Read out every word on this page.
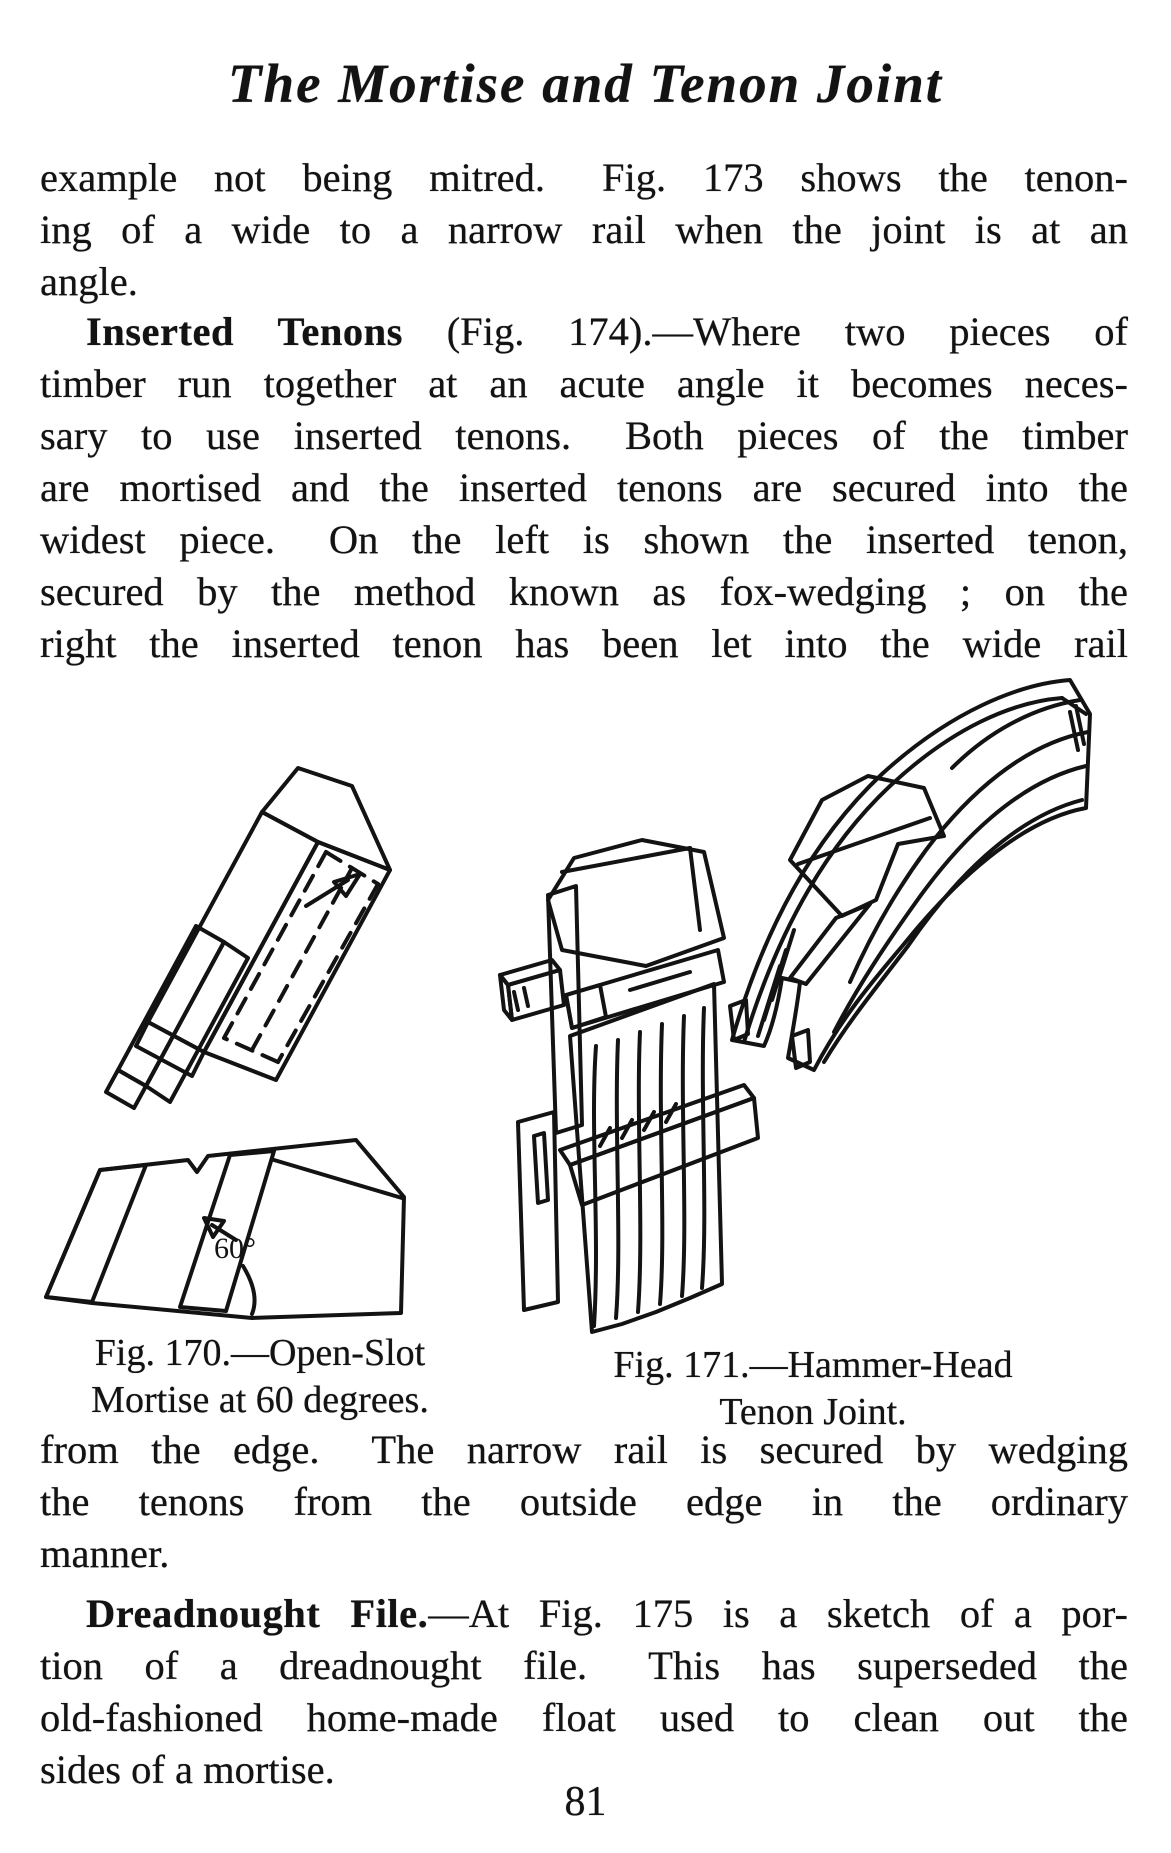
The Mortise and Tenon Joint
example not being mitred.  Fig. 173 shows the tenon-
ing of a wide to a narrow rail when the joint is at an
angle.
Inserted Tenons (Fig. 174).—Where two pieces of
timber run together at an acute angle it becomes neces-
sary to use inserted tenons.  Both pieces of the timber
are mortised and the inserted tenons are secured into the
widest piece.  On the left is shown the inserted tenon,
secured by the method known as fox-wedging ; on the
right the inserted tenon has been let into the wide rail
60°
Fig. 170.—Open-Slot
Mortise at 60 degrees.
Fig. 171.—Hammer-Head
Tenon Joint.
from the edge.  The narrow rail is secured by wedging
the tenons from the outside edge in the ordinary
manner.
Dreadnought File.—At Fig. 175 is a sketch of a por-
tion of a dreadnought file.  This has superseded the
old-fashioned home-made float used to clean out the
sides of a mortise.
81
